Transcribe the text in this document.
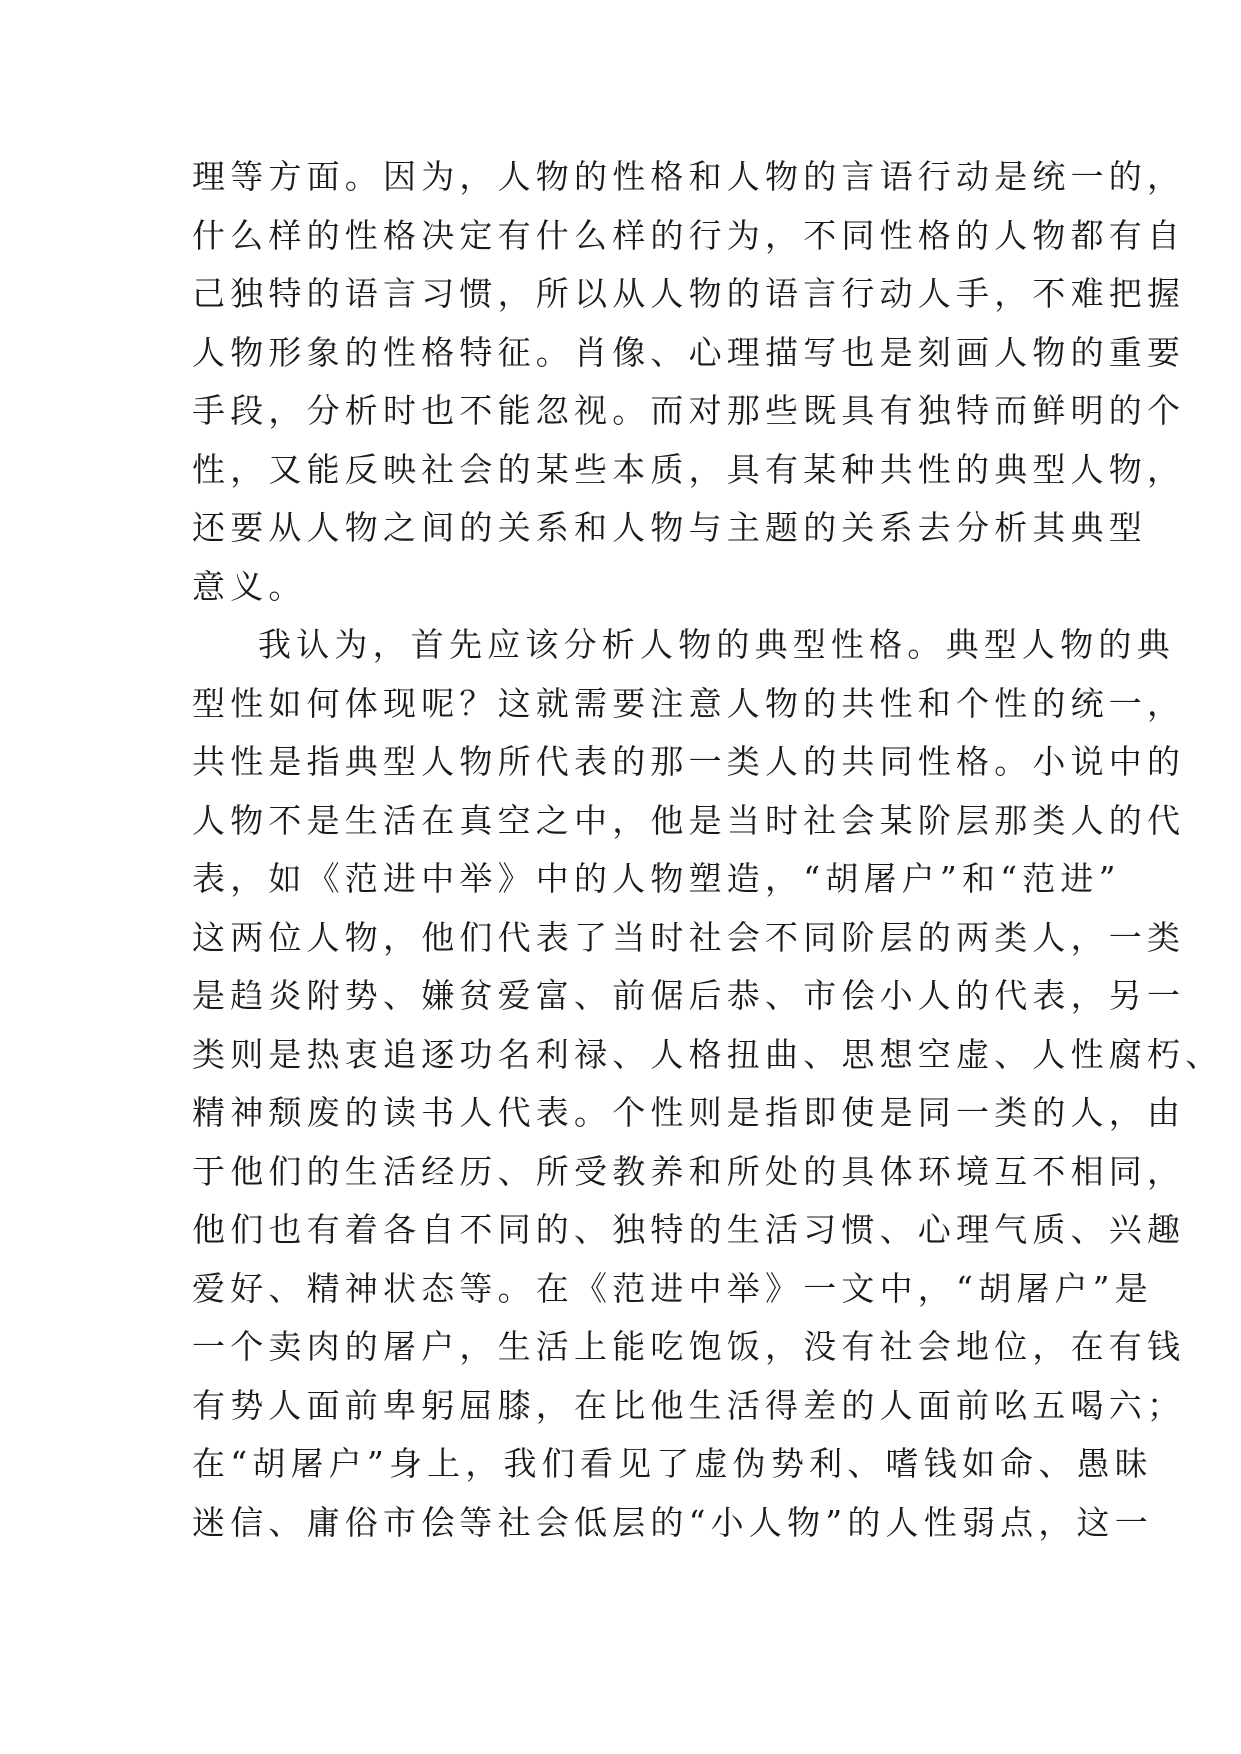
理等方面。因为，人物的性格和人物的言语行动是统一的，
什么样的性格决定有什么样的行为，不同性格的人物都有自
己独特的语言习惯，所以从人物的语言行动人手，不难把握
人物形象的性格特征。肖像、心理描写也是刻画人物的重要
手段，分析时也不能忽视。而对那些既具有独特而鲜明的个
性，又能反映社会的某些本质，具有某种共性的典型人物，
还要从人物之间的关系和人物与主题的关系去分析其典型
意义。
我认为，首先应该分析人物的典型性格。典型人物的典
型性如何体现呢？这就需要注意人物的共性和个性的统一，
共性是指典型人物所代表的那一类人的共同性格。小说中的
人物不是生活在真空之中，他是当时社会某阶层那类人的代
表，如《范进中举》中的人物塑造，“胡屠户”和“范进”
这两位人物，他们代表了当时社会不同阶层的两类人，一类
是趋炎附势、嫌贫爱富、前倨后恭、市侩小人的代表，另一
类则是热衷追逐功名利禄、人格扭曲、思想空虚、人性腐朽、
精神颓废的读书人代表。个性则是指即使是同一类的人，由
于他们的生活经历、所受教养和所处的具体环境互不相同，
他们也有着各自不同的、独特的生活习惯、心理气质、兴趣
爱好、精神状态等。在《范进中举》一文中，“胡屠户”是
一个卖肉的屠户，生活上能吃饱饭，没有社会地位，在有钱
有势人面前卑躬屈膝，在比他生活得差的人面前吆五喝六；
在“胡屠户”身上，我们看见了虚伪势利、嗜钱如命、愚昧
迷信、庸俗市侩等社会低层的“小人物”的人性弱点，这一
